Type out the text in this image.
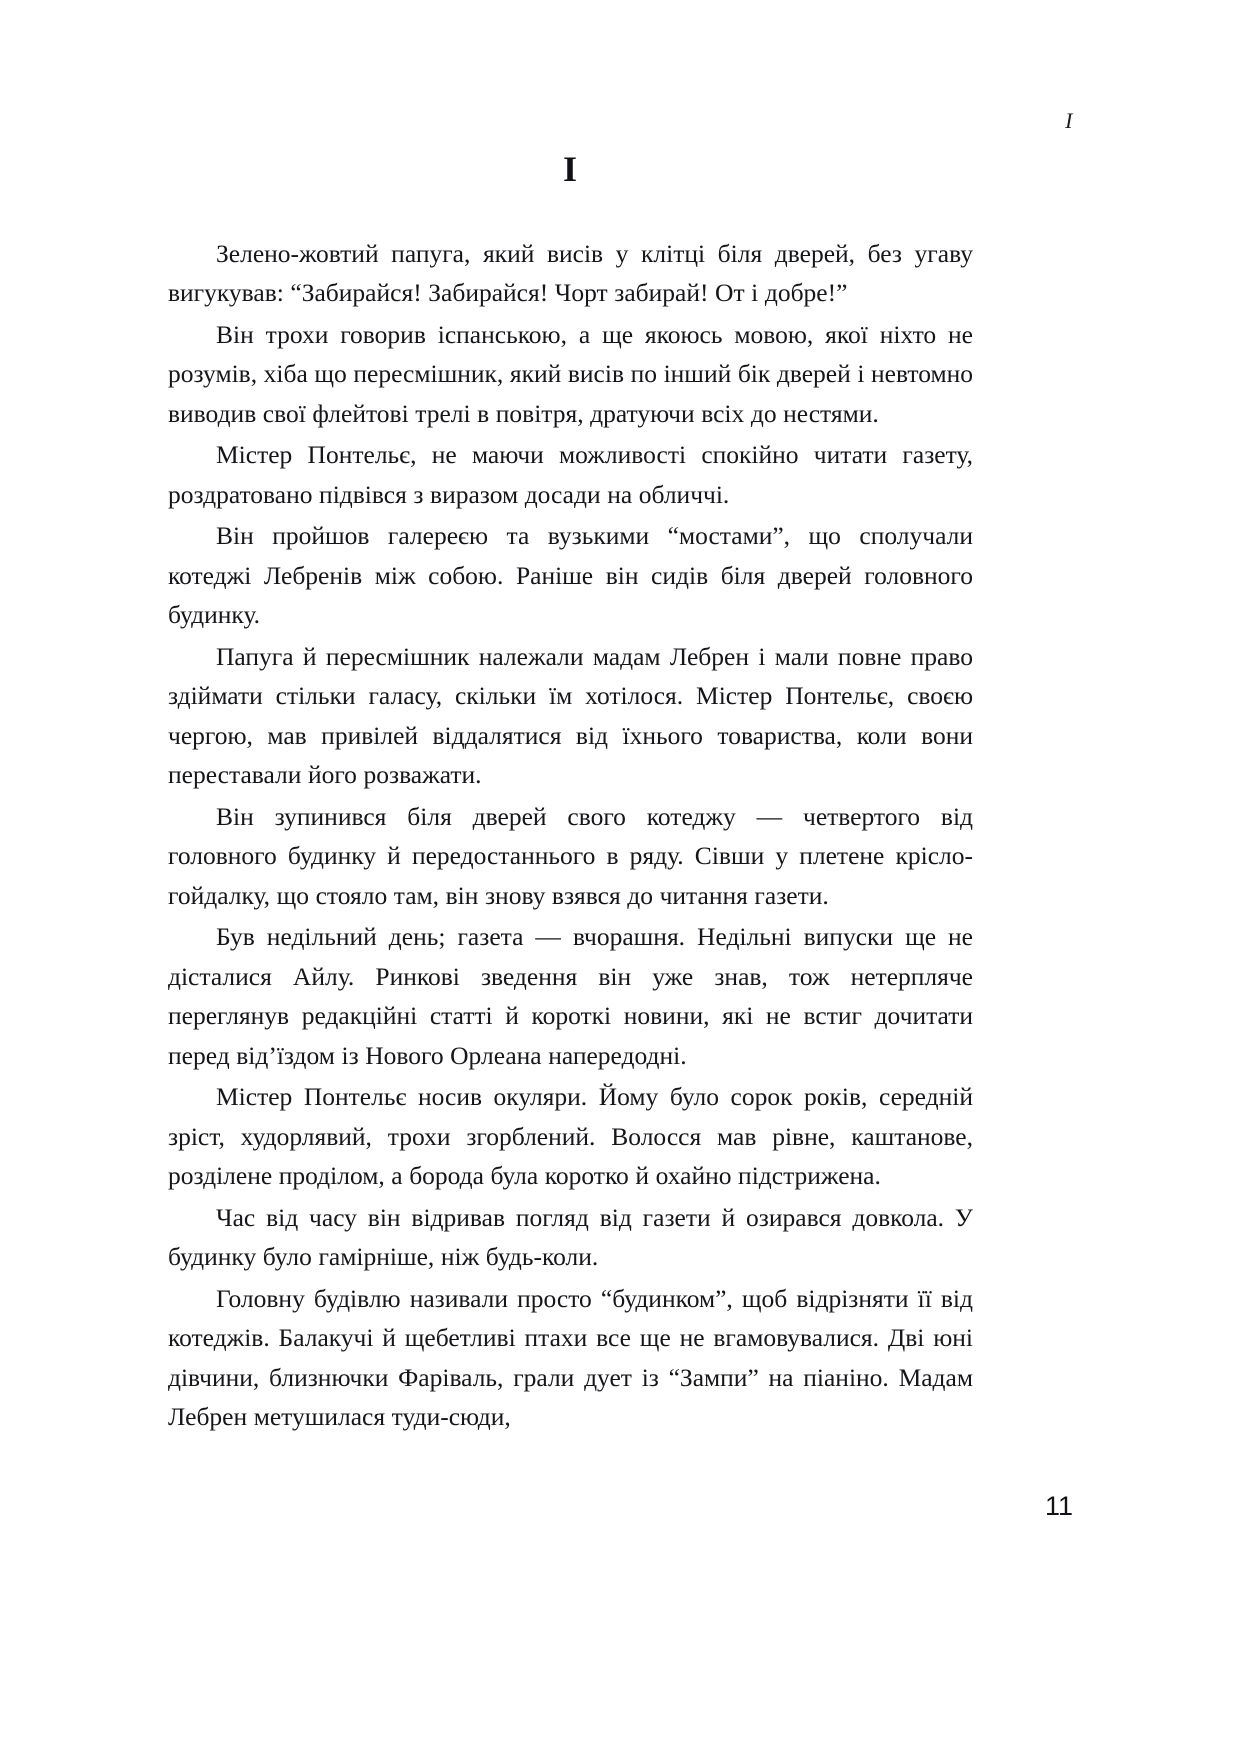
I
I

Зелено-жовтий папуга, який висів у клітці біля дверей, без угаву вигукував: “Забирайся! Забирайся! Чорт забирай! От і добре!”

Він трохи говорив іспанською, а ще якоюсь мовою, якої ніхто не розумів, хіба що пересмішник, який висів по інший бік дверей і невтомно виводив свої флейтові трелі в повітря, дратуючи всіх до нестями.

Містер Понтельє, не маючи можливості спокійно читати газету, роздратовано підвівся з виразом досади на обличчі.

Він пройшов галереєю та вузькими “мостами”, що сполучали котеджі Лебренів між собою. Раніше він сидів біля дверей головного будинку.

Папуга й пересмішник належали мадам Лебрен і мали повне право здіймати стільки галасу, скільки їм хотілося. Містер Понтельє, своєю чергою, мав привілей віддалятися від їхнього товариства, коли вони переставали його розважати.

Він зупинився біля дверей свого котеджу — четвертого від головного будинку й передостаннього в ряду. Сівши у плетене крісло-гойдалку, що стояло там, він знову взявся до читання газети.

Був недільний день; газета — вчорашня. Недільні випуски ще не дісталися Айлу. Ринкові зведення він уже знав, тож нетерпляче переглянув редакційні статті й короткі новини, які не встиг дочитати перед від’їздом із Нового Орлеана напередодні.

Містер Понтельє носив окуляри. Йому було сорок років, середній зріст, худорлявий, трохи згорблений. Волосся мав рівне, каштанове, розділене проділом, а борода була коротко й охайно підстрижена.

Час від часу він відривав погляд від газети й озирався довкола. У будинку було гамірніше, ніж будь-коли.

Головну будівлю називали просто “будинком”, щоб відрізняти її від котеджів. Балакучі й щебетливі птахи все ще не вгамовувалися. Дві юні дівчини, близнючки Фаріваль, грали дует із “Зампи” на піаніно. Мадам Лебрен метушилася туди-сюди,

11
